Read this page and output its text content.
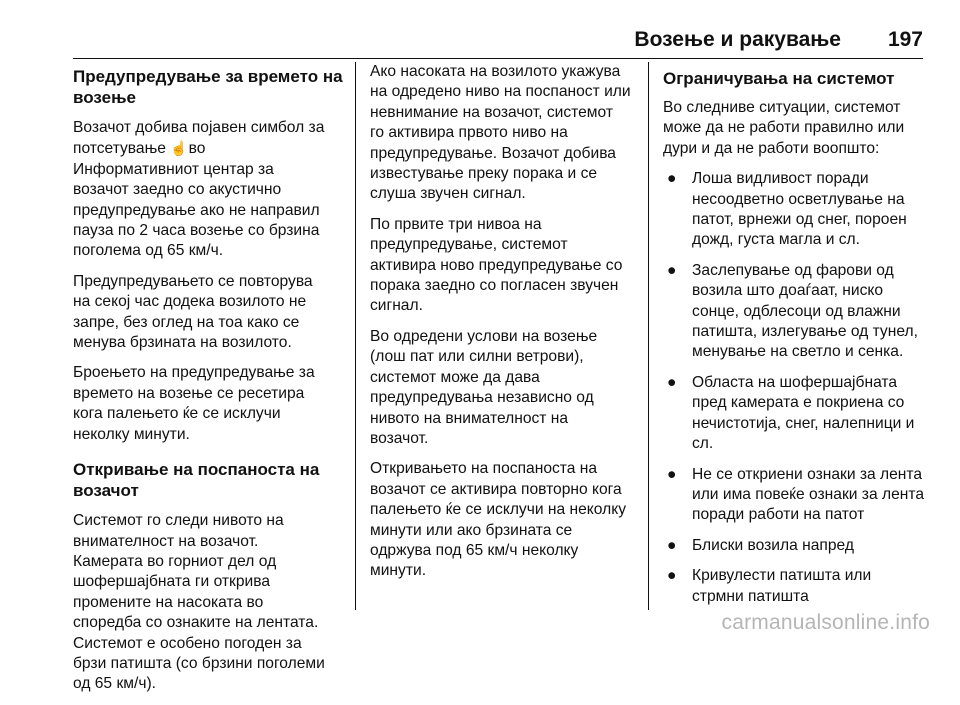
Возење и ракување 197
Предупредување за времето на возење

Возачот добива појавен симбол за
потсетување ☝ во
Информативниот центар за
возачот заедно со акустично
предупредување ако не направил
пауза по 2 часа возење со брзина
поголема од 65 км/ч.

Предупредувањето се повторува
на секој час додека возилото не
запре, без оглед на тоа како се
менува брзината на возилото.

Броењето на предупредување за
времето на возење се ресетира
кога палењето ќе се исклучи
неколку минути.

Откривање на поспаноста на возачот

Системот го следи нивото на
внимателност на возачот.
Камерата во горниот дел од
шофершајбната ги открива
промените на насоката во
споредба со ознаките на лентата.
Системот е особено погоден за
брзи патишта (со брзини поголеми
од 65 км/ч).

Ако насоката на возилото укажува
на одредено ниво на поспаност или
невнимание на возачот, системот
го активира првото ниво на
предупредување. Возачот добива
известување преку порака и се
слуша звучен сигнал.

По првите три нивоа на
предупредување, системот
активира ново предупредување со
порака заедно со погласен звучен
сигнал.

Во одредени услови на возење
(лош пат или силни ветрови),
системот може да дава
предупредувања независно од
нивото на внимателност на
возачот.

Откривањето на поспаноста на
возачот се активира повторно кога
палењето ќе се исклучи на неколку
минути или ако брзината се
одржува под 65 км/ч неколку
минути.

Ограничувања на системот

Во следниве ситуации, системот
може да не работи правилно или
дури и да не работи воопшто:

● Лоша видливост поради
несоодветно осветлување на
патот, врнежи од снег, пороен
дожд, густа магла и сл.
● Заслепување од фарови од
возила што доаѓаат, ниско
сонце, одблесоци од влажни
патишта, излегување од тунел,
менување на светло и сенка.
● Областа на шофершајбната
пред камерата е покриена со
нечистотија, снег, налепници и
сл.
● Не се откриени ознаки за лента
или има повеќе ознаки за лента
поради работи на патот
● Блиски возила напред
● Кривулести патишта или
стрмни патишта
carmanualsonline.info
